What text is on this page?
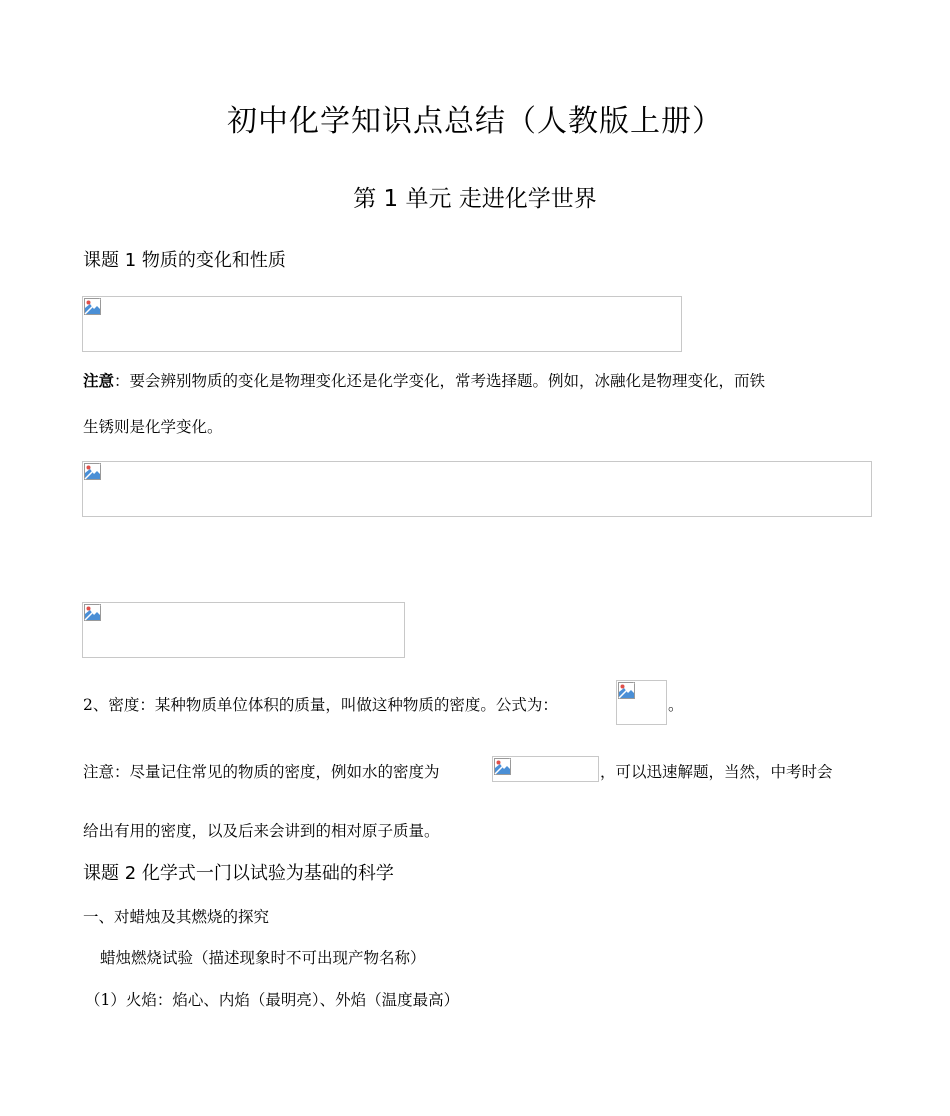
初中化学知识点总结（人教版上册）
第 1 单元 走进化学世界
课题 1 物质的变化和性质
注意：要会辨别物质的变化是物理变化还是化学变化，常考选择题。例如，冰融化是物理变化，而铁
生锈则是化学变化。
2、密度：某种物质单位体积的质量，叫做这种物质的密度。公式为：	。
注意：尽量记住常见的物质的密度，例如水的密度为	，可以迅速解题，当然，中考时会
给出有用的密度，以及后来会讲到的相对原子质量。
课题 2 化学式一门以试验为基础的科学
一、对蜡烛及其燃烧的探究
蜡烛燃烧试验（描述现象时不可出现产物名称）
（1）火焰：焰心、内焰（最明亮）、外焰（温度最高）
